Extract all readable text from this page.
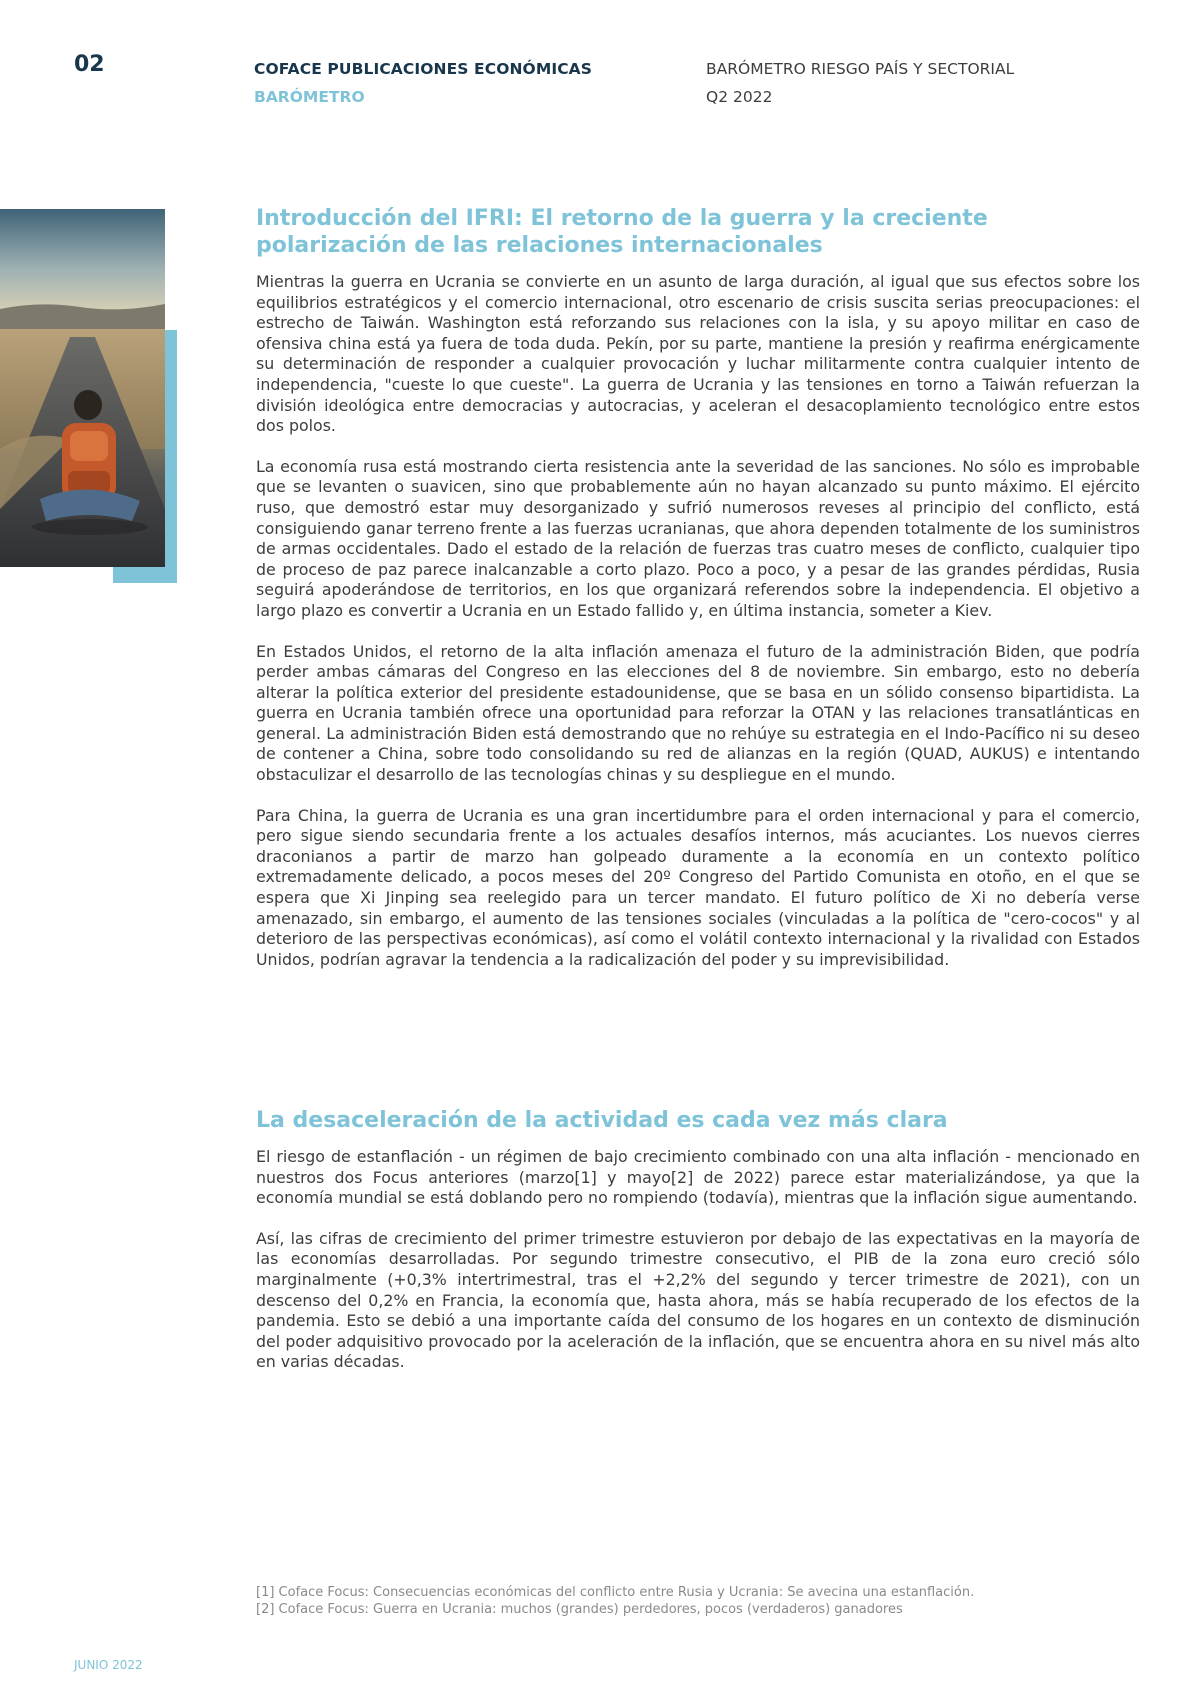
02	COFACE PUBLICACIONES ECONÓMICAS
BARÓMETRO
BARÓMETRO RIESGO PAÍS Y SECTORIAL
Q2 2022
Introducción del IFRI: El retorno de la guerra y la creciente polarización de las relaciones internacionales

Mientras la guerra en Ucrania se convierte en un asunto de larga duración, al igual que sus efectos sobre los equilibrios estratégicos y el comercio internacional, otro escenario de crisis suscita serias preocupaciones: el estrecho de Taiwán. Washington está reforzando sus relaciones con la isla, y su apoyo militar en caso de ofensiva china está ya fuera de toda duda. Pekín, por su parte, mantiene la presión y reafirma enérgicamente su determinación de responder a cualquier provocación y luchar militarmente contra cualquier intento de independencia, "cueste lo que cueste". La guerra de Ucrania y las tensiones en torno a Taiwán refuerzan la división ideológica entre democracias y autocracias, y aceleran el desacoplamiento tecnológico entre estos dos polos.

La economía rusa está mostrando cierta resistencia ante la severidad de las sanciones. No sólo es improbable que se levanten o suavicen, sino que probablemente aún no hayan alcanzado su punto máximo. El ejército ruso, que demostró estar muy desorganizado y sufrió numerosos reveses al principio del conflicto, está consiguiendo ganar terreno frente a las fuerzas ucranianas, que ahora dependen totalmente de los suministros de armas occidentales. Dado el estado de la relación de fuerzas tras cuatro meses de conflicto, cualquier tipo de proceso de paz parece inalcanzable a corto plazo. Poco a poco, y a pesar de las grandes pérdidas, Rusia seguirá apoderándose de territorios, en los que organizará referendos sobre la independencia. El objetivo a largo plazo es convertir a Ucrania en un Estado fallido y, en última instancia, someter a Kiev.

En Estados Unidos, el retorno de la alta inflación amenaza el futuro de la administración Biden, que podría perder ambas cámaras del Congreso en las elecciones del 8 de noviembre. Sin embargo, esto no debería alterar la política exterior del presidente estadounidense, que se basa en un sólido consenso bipartidista. La guerra en Ucrania también ofrece una oportunidad para reforzar la OTAN y las relaciones transatlánticas en general. La administración Biden está demostrando que no rehúye su estrategia en el Indo-Pacífico ni su deseo de contener a China, sobre todo consolidando su red de alianzas en la región (QUAD, AUKUS) e intentando obstaculizar el desarrollo de las tecnologías chinas y su despliegue en el mundo.

Para China, la guerra de Ucrania es una gran incertidumbre para el orden internacional y para el comercio, pero sigue siendo secundaria frente a los actuales desafíos internos, más acuciantes. Los nuevos cierres draconianos a partir de marzo han golpeado duramente a la economía en un contexto político extremadamente delicado, a pocos meses del 20º Congreso del Partido Comunista en otoño, en el que se espera que Xi Jinping sea reelegido para un tercer mandato. El futuro político de Xi no debería verse amenazado, sin embargo, el aumento de las tensiones sociales (vinculadas a la política de "cero-cocos" y al deterioro de las perspectivas económicas), así como el volátil contexto internacional y la rivalidad con Estados Unidos, podrían agravar la tendencia a la radicalización del poder y su imprevisibilidad.

La desaceleración de la actividad es cada vez más clara

El riesgo de estanflación - un régimen de bajo crecimiento combinado con una alta inflación - mencionado en nuestros dos Focus anteriores (marzo[1] y mayo[2] de 2022) parece estar materializándose, ya que la economía mundial se está doblando pero no rompiendo (todavía), mientras que la inflación sigue aumentando.

Así, las cifras de crecimiento del primer trimestre estuvieron por debajo de las expectativas en la mayoría de las economías desarrolladas. Por segundo trimestre consecutivo, el PIB de la zona euro creció sólo marginalmente (+0,3% intertrimestral, tras el +2,2% del segundo y tercer trimestre de 2021), con un descenso del 0,2% en Francia, la economía que, hasta ahora, más se había recuperado de los efectos de la pandemia. Esto se debió a una importante caída del consumo de los hogares en un contexto de disminución del poder adquisitivo provocado por la aceleración de la inflación, que se encuentra ahora en su nivel más alto en varias décadas.

[1] Coface Focus: Consecuencias económicas del conflicto entre Rusia y Ucrania: Se avecina una estanflación.
[2] Coface Focus: Guerra en Ucrania: muchos (grandes) perdedores, pocos (verdaderos) ganadores
JUNIO 2022
